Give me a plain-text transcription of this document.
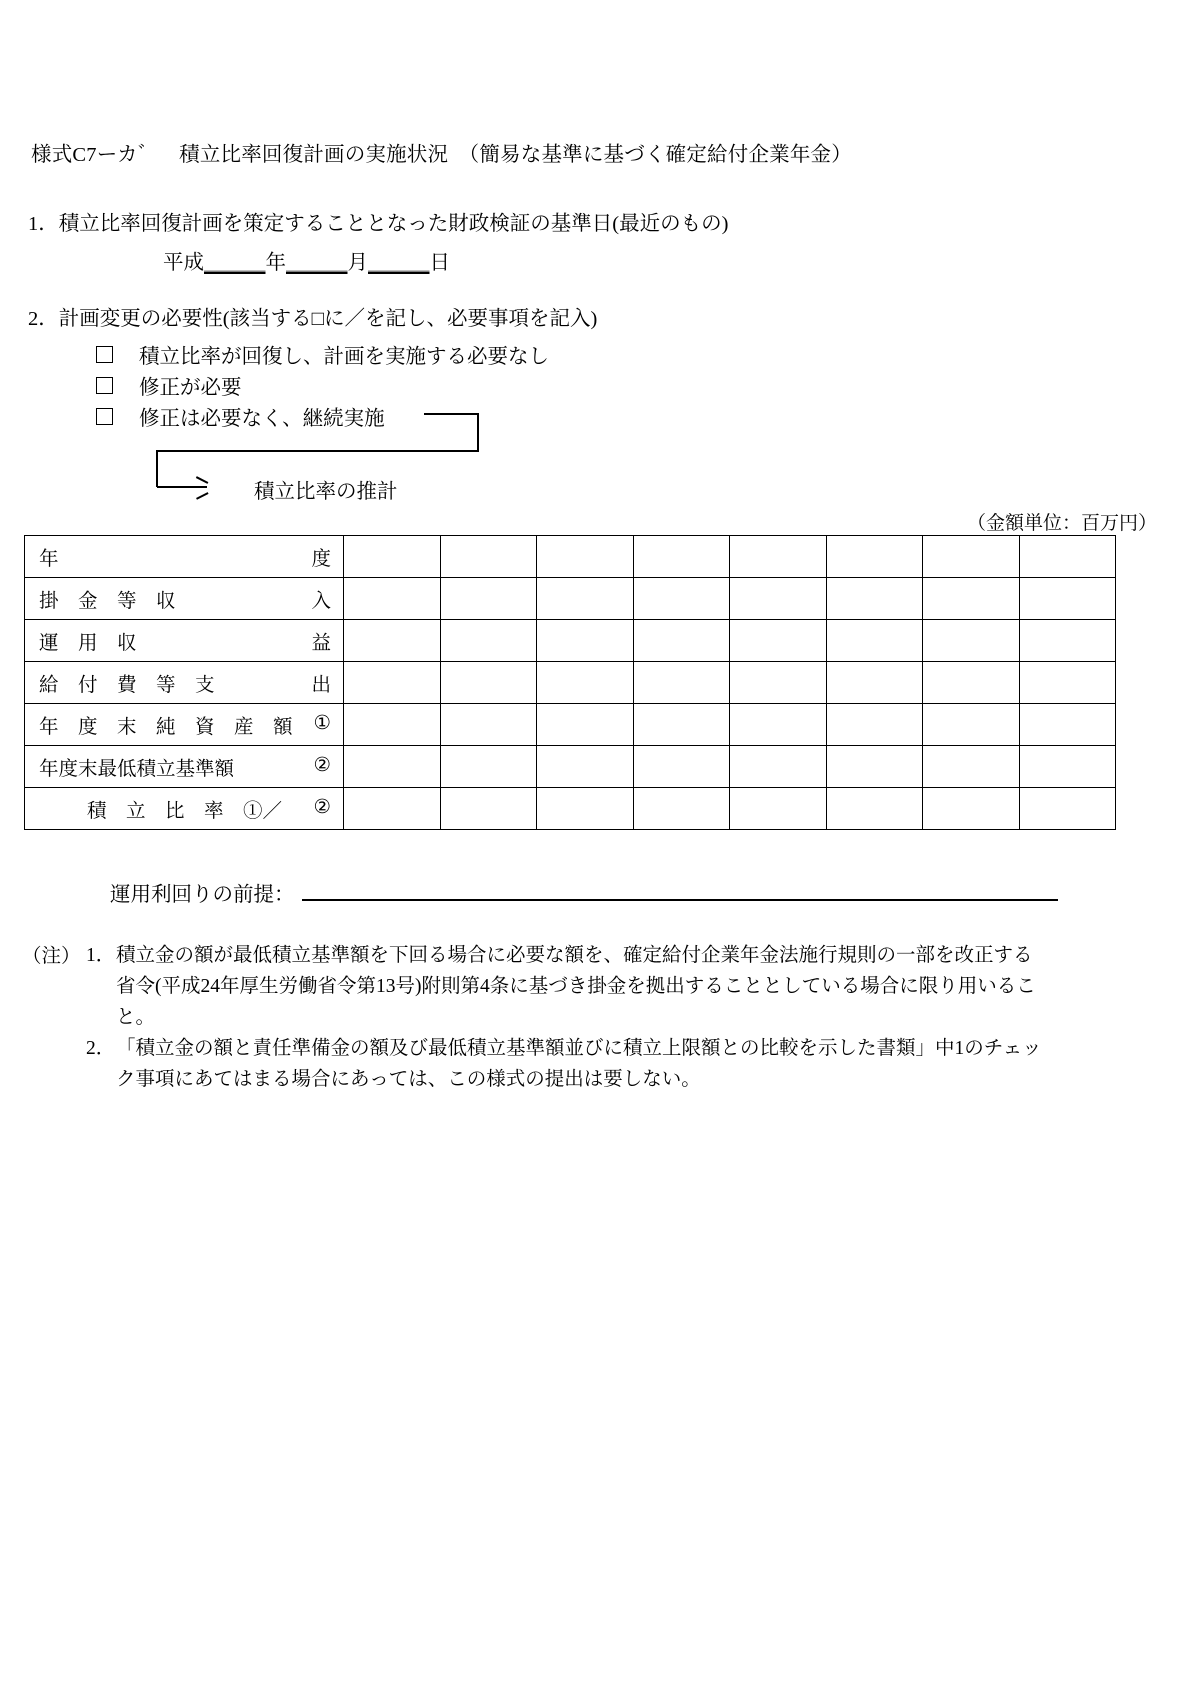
様式C7ーカ゛　積立比率回復計画の実施状況　（簡易な基準に基づく確定給付企業年金）
1．積立比率回復計画を策定することとなった財政検証の基準日(最近のもの)
平成＿＿＿年＿＿＿月＿＿＿日
2．計画変更の必要性(該当する□に／を記し、必要事項を記入)
積立比率が回復し、計画を実施する必要なし
修正が必要
修正は必要なく、継続実施
積立比率の推計
（金額単位：百万円）
年 度								

掛　金　等　収 入								

運　用　収 益								

給　付　費　等　支 出								

年　度　末　純　資　産　額 ①								

年度末最低積立基準額 ②								

積　立　比　率　①／ ②								

運用利回りの前提：
（注） 1． 積立金の額が最低積立基準額を下回る場合に必要な額を、確定給付企業年金法施行規則の一部を改正する

省令(平成24年厚生労働省令第13号)附則第4条に基づき掛金を拠出することとしている場合に限り用いるこ

と。

2． 「積立金の額と責任準備金の額及び最低積立基準額並びに積立上限額との比較を示した書類」中1のチェッ

ク事項にあてはまる場合にあっては、この様式の提出は要しない。
